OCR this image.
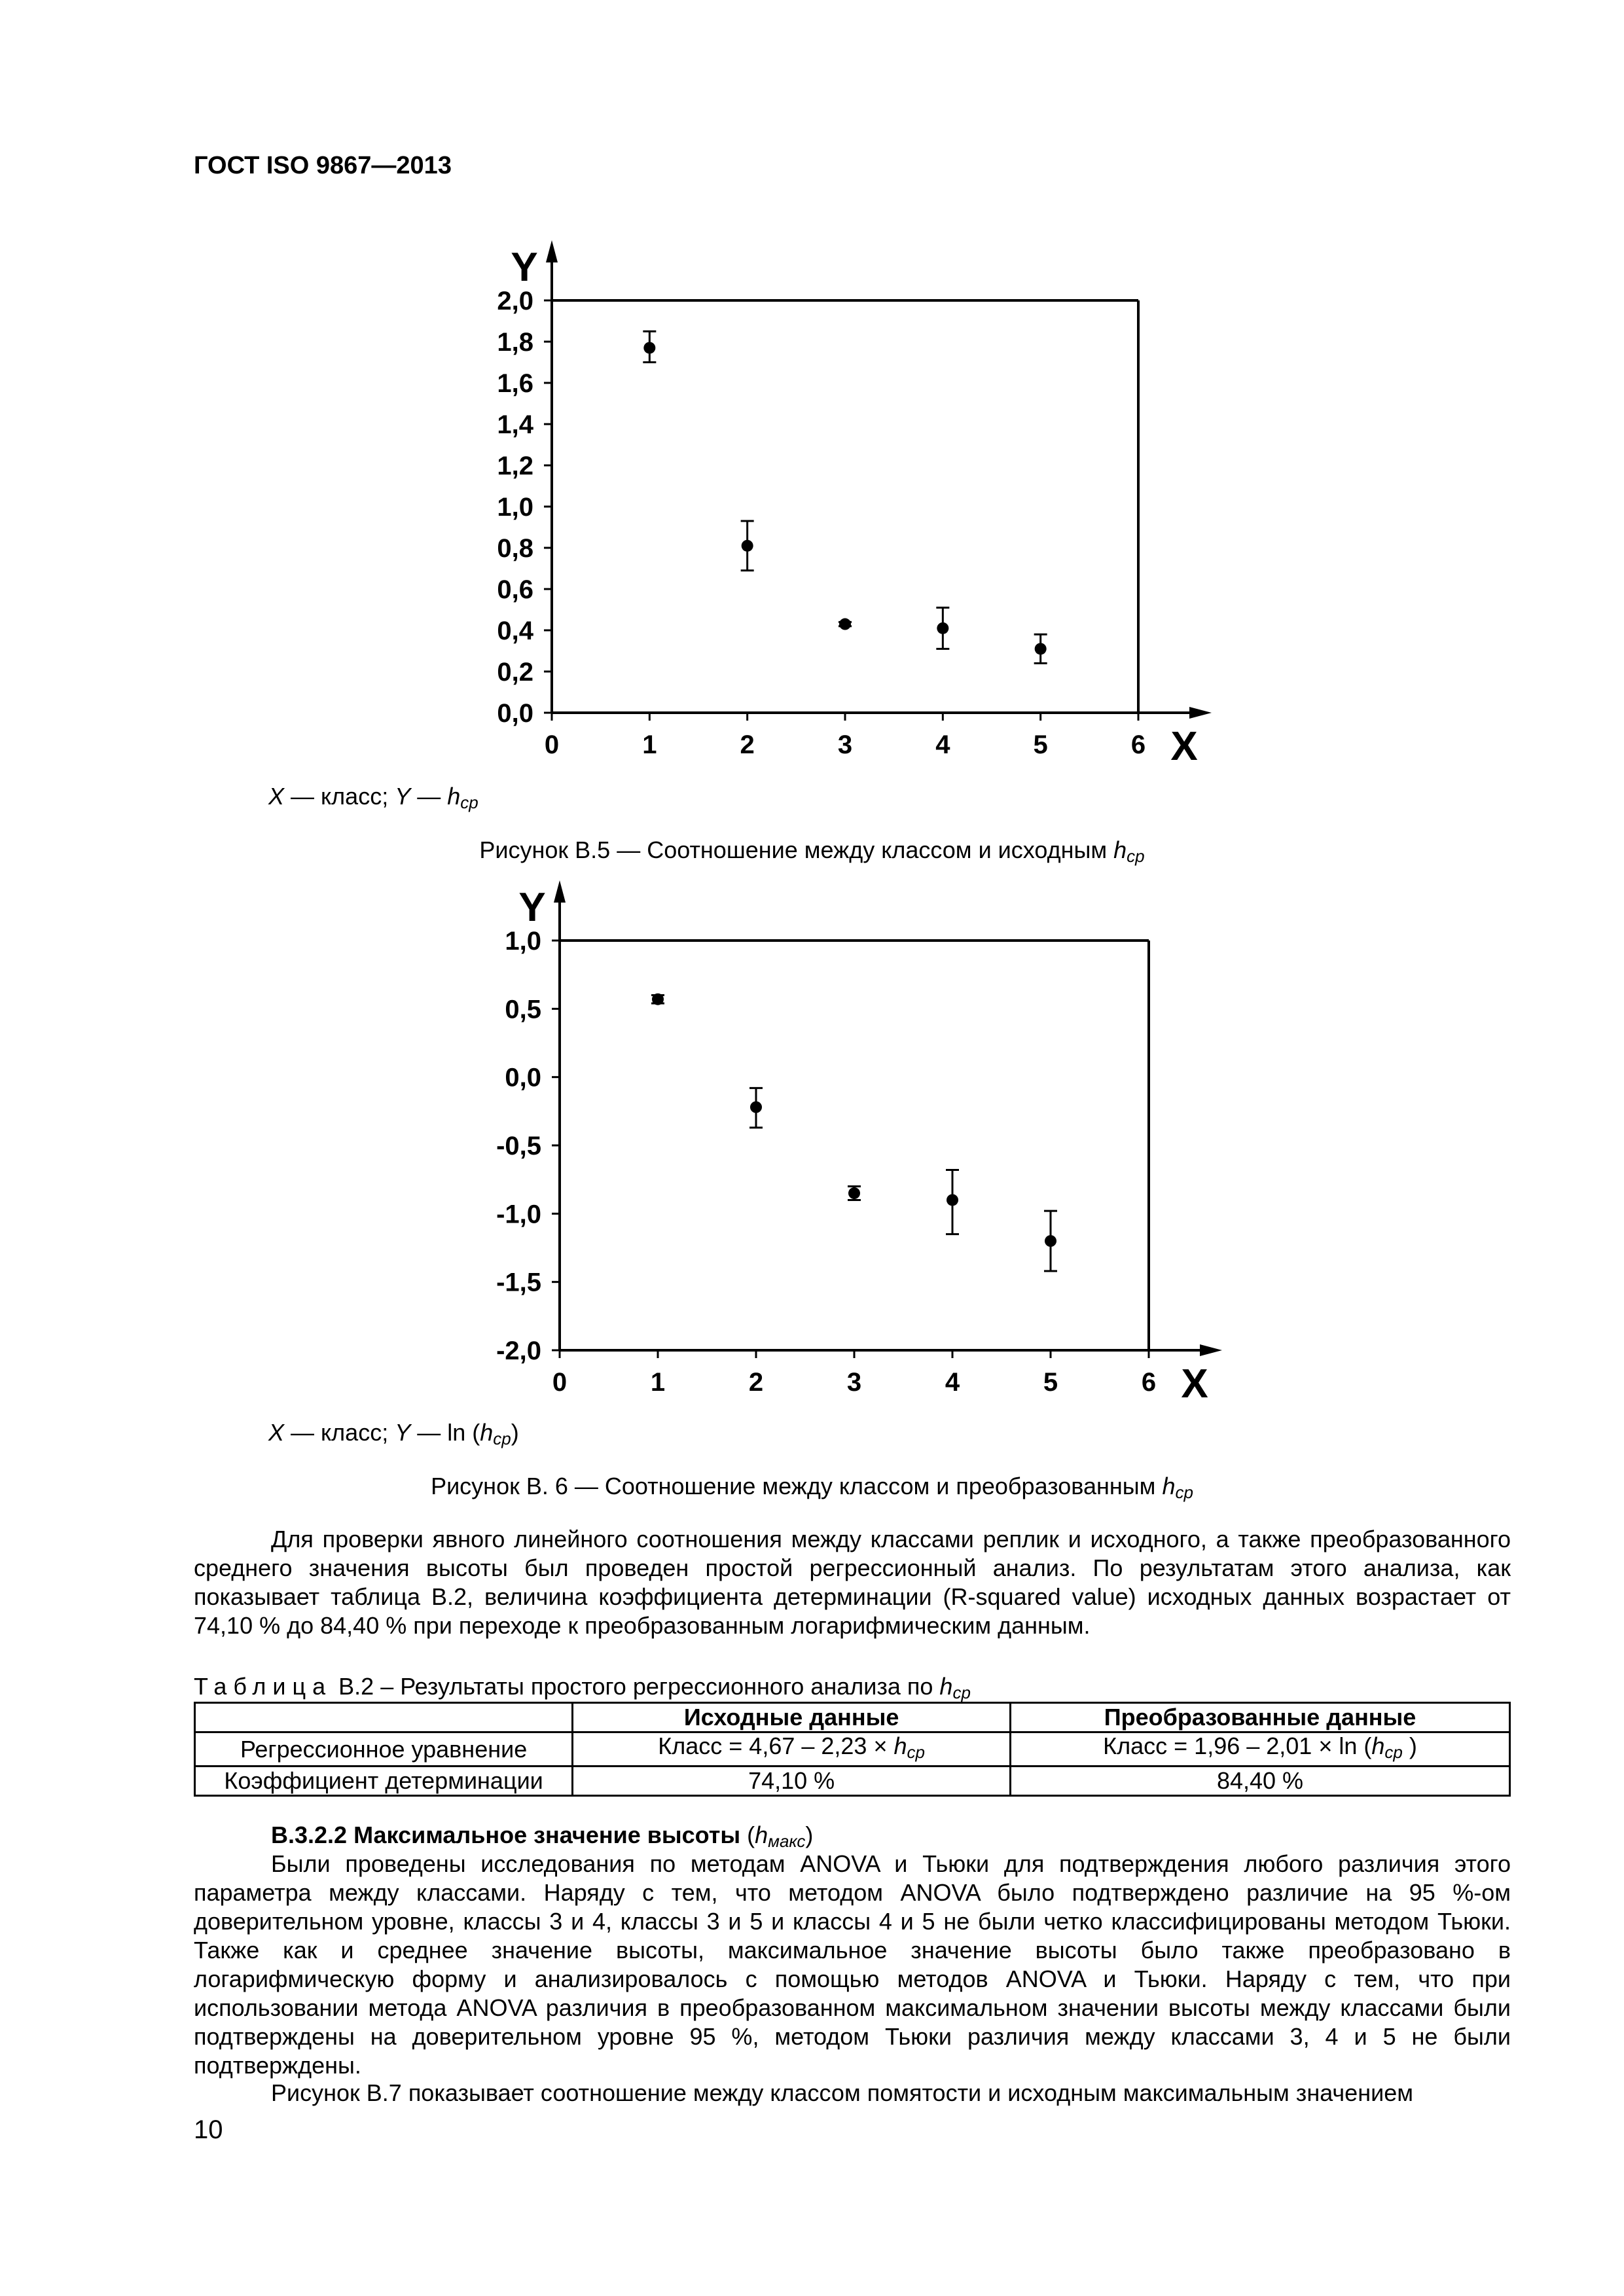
ГОСТ ISO 9867—2013
0,0
0,2
0,4
0,6
0,8
1,0
1,2
1,4
1,6
1,8
2,0
0	1	2	3	4	5	6
Y
X
X — класс; Y — $h_{ср}$
Рисунок В.5 — Соотношение между классом и исходным $h_{ср}$
-2,0
-1,5
-1,0
-0,5
0,0
0,5
1,0
0	1	2	3	4	5	6
Y
X
X — класс; Y — $\ln (h_{ср})$
Рисунок В. 6 — Соотношение между классом и преобразованным $h_{ср}$
Для проверки явного линейного соотношения между классами реплик и исходного, а также преобразованного среднего значения высоты был проведен простой регрессионный анализ. По результатам этого анализа, как показывает таблица В.2, величина коэффициента детерминации (R-squared value) исходных данных возрастает от 74,10 % до 84,40 % при переходе к преобразованным логарифмическим данным.
Таблица В.2 – Результаты простого регрессионного анализа по $h_{ср}$
	Исходные данные	Преобразованные данные
Регрессионное уравнение	Класс = $4,67 - 2,23 \times h_{ср}$	Класс = $1,96 - 2,01 \times \ln (h_{ср}$ )
Коэффициент детерминации	74,10 %	84,40 %
В.3.2.2 Максимальное значение высоты $(h_{макс})$
Были проведены исследования по методам ANOVA и Тьюки для подтверждения любого различия этого параметра между классами. Наряду с тем, что методом ANOVA было подтверждено различие на 95 %-ом доверительном уровне, классы 3 и 4, классы 3 и 5 и классы 4 и 5 не были четко классифицированы методом Тьюки. Также как и среднее значение высоты, максимальное значение высоты было также преобразовано в логарифмическую форму и анализировалось с помощью методов ANOVA и Тьюки. Наряду с тем, что при использовании метода ANOVA различия в преобразованном максимальном значении высоты между классами были подтверждены на доверительном уровне 95 %, методом Тьюки различия между классами 3, 4 и 5 не были подтверждены.
Рисунок В.7 показывает соотношение между классом помятости и исходным максимальным значением
10
